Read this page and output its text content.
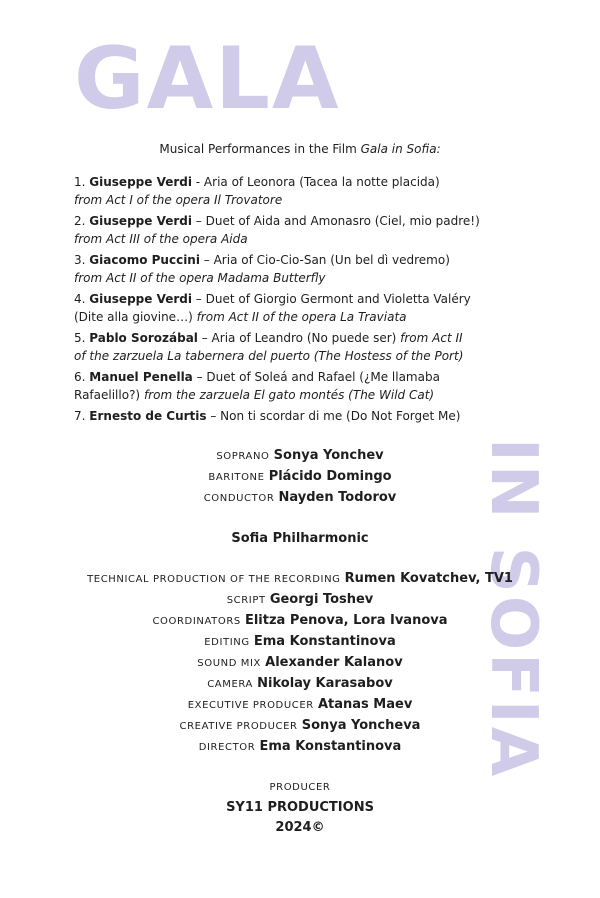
GALA
IN SOFIA
Musical Performances in the Film Gala in Sofia:
1. Giuseppe Verdi - Aria of Leonora (Tacea la notte placida)
from Act I of the opera Il Trovatore
2. Giuseppe Verdi – Duet of Aida and Amonasro (Ciel, mio padre!)
from Act III of the opera Aida
3. Giacomo Puccini – Aria of Cio-Cio-San (Un bel dì vedremo)
from Act II of the opera Madama Butterfly
4. Giuseppe Verdi – Duet of Giorgio Germont and Violetta Valéry
(Dite alla giovine…) from Act II of the opera La Traviata
5. Pablo Sorozábal – Aria of Leandro (No puede ser) from Act II
of the zarzuela La tabernera del puerto (The Hostess of the Port)
6. Manuel Penella – Duet of Soleá and Rafael (¿Me llamaba
Rafaelillo?) from the zarzuela El gato montés (The Wild Cat)
7. Ernesto de Curtis – Non ti scordar di me (Do Not Forget Me)
SOPRANO Sonya Yonchev
BARITONE Plácido Domingo
CONDUCTOR Nayden Todorov
Sofia Philharmonic
TECHNICAL PRODUCTION OF THE RECORDING Rumen Kovatchev, TV1
SCRIPT Georgi Toshev
COORDINATORS Elitza Penova, Lora Ivanova
EDITING Ema Konstantinova
SOUND MIX Alexander Kalanov
CAMERA Nikolay Karasabov
EXECUTIVE PRODUCER Atanas Maev
CREATIVE PRODUCER Sonya Yoncheva
DIRECTOR Ema Konstantinova
PRODUCER
SY11 PRODUCTIONS
2024©
